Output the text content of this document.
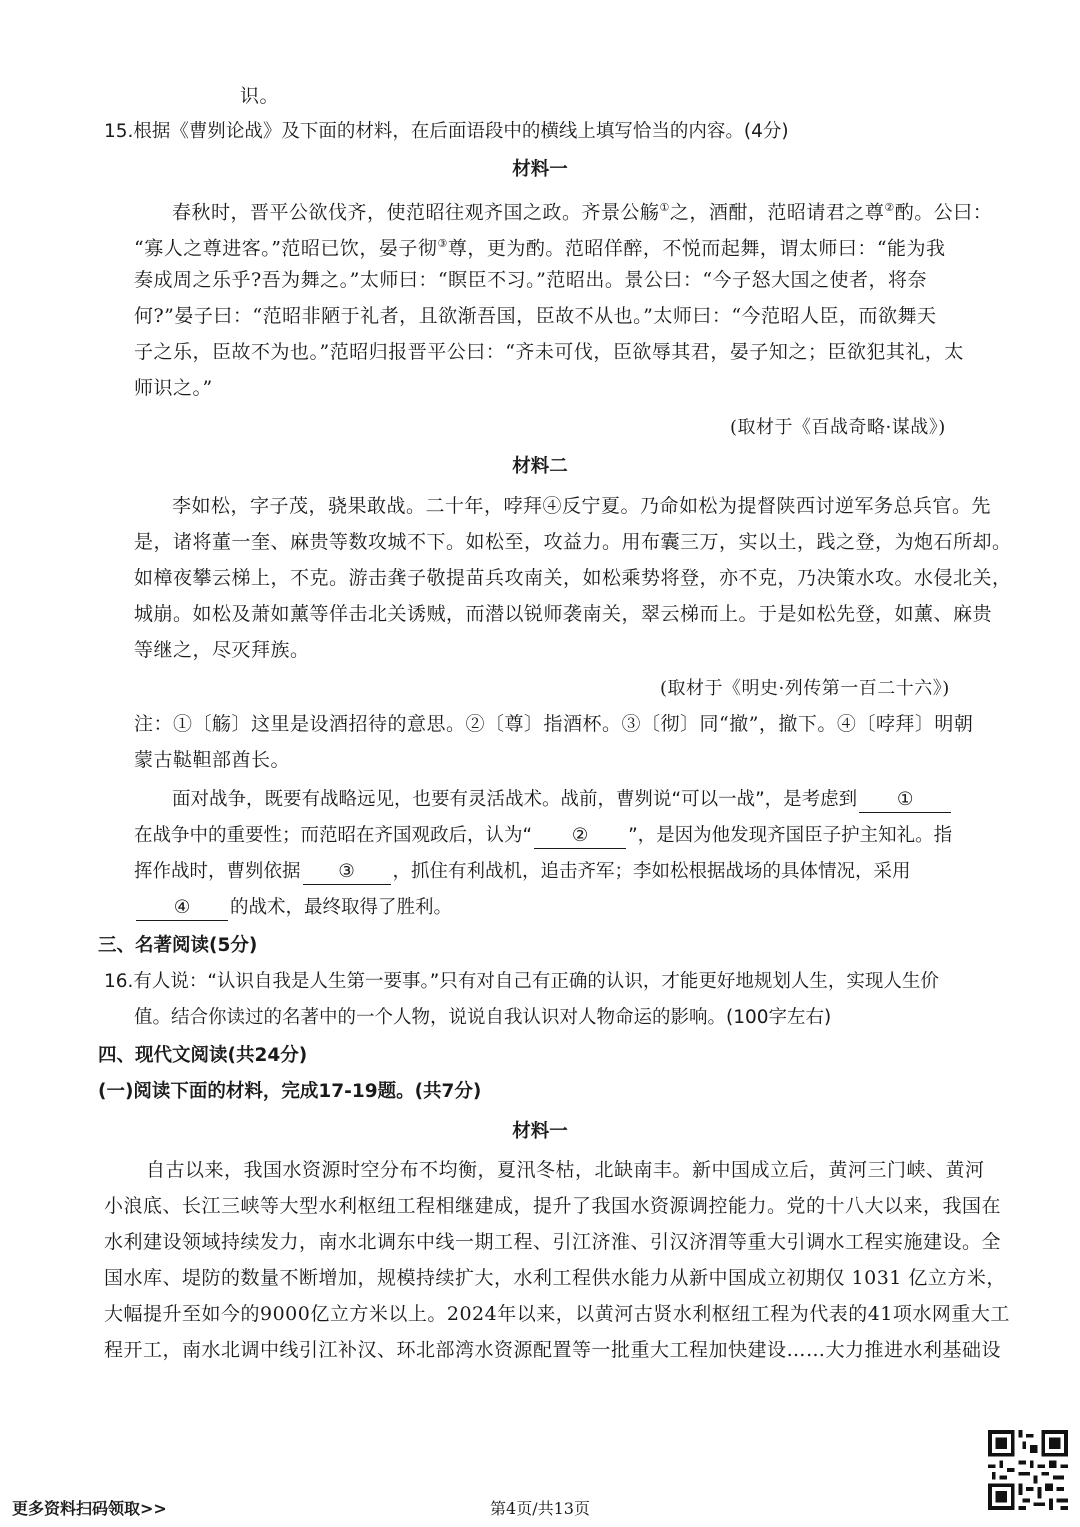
识。
15.根据《曹刿论战》及下面的材料，在后面语段中的横线上填写恰当的内容。(4分)
材料一
春秋时，晋平公欲伐齐，使范昭往观齐国之政。齐景公觞①之，酒酣，范昭请君之尊②酌。公曰：
“寡人之尊进客。”范昭已饮，晏子彻③尊，更为酌。范昭佯醉，不悦而起舞，谓太师曰：“能为我
奏成周之乐乎?吾为舞之。”太师曰：“瞑臣不习。”范昭出。景公曰：“今子怒大国之使者，将奈
何?”晏子曰：“范昭非陋于礼者，且欲渐吾国，臣故不从也。”太师曰：“今范昭人臣，而欲舞天
子之乐，臣故不为也。”范昭归报晋平公曰：“齐未可伐，臣欲辱其君，晏子知之；臣欲犯其礼，太
师识之。”
(取材于《百战奇略·谋战》)
材料二
李如松，字子茂，骁果敢战。二十年，哱拜④反宁夏。乃命如松为提督陕西讨逆军务总兵官。先
是，诸将董一奎、麻贵等数攻城不下。如松至，攻益力。用布囊三万，实以土，践之登，为炮石所却。
如樟夜攀云梯上，不克。游击龚子敬提苗兵攻南关，如松乘势将登，亦不克，乃决策水攻。水侵北关，
城崩。如松及萧如薰等佯击北关诱贼，而潜以锐师袭南关，翠云梯而上。于是如松先登，如薰、麻贵
等继之，尽灭拜族。
(取材于《明史·列传第一百二十六》)
注：①〔觞〕这里是设酒招待的意思。②〔尊〕指酒杯。③〔彻〕同“撤”，撤下。④〔哱拜〕明朝
蒙古鞑靼部酋长。
面对战争，既要有战略远见，也要有灵活战术。战前，曹刿说“可以一战”，是考虑到 ①
在战争中的重要性；而范昭在齐国观政后，认为“ ② ”，是因为他发现齐国臣子护主知礼。指
挥作战时，曹刿依据 ③ ，抓住有利战机，追击齐军；李如松根据战场的具体情况，采用
④ 的战术，最终取得了胜利。
三、名著阅读(5分)
16.有人说：“认识自我是人生第一要事。”只有对自己有正确的认识，才能更好地规划人生，实现人生价
值。结合你读过的名著中的一个人物，说说自我认识对人物命运的影响。(100字左右)
四、现代文阅读(共24分)
(一)阅读下面的材料，完成17-19题。(共7分)
材料一
自古以来，我国水资源时空分布不均衡，夏汛冬枯，北缺南丰。新中国成立后，黄河三门峡、黄河
小浪底、长江三峡等大型水利枢纽工程相继建成，提升了我国水资源调控能力。党的十八大以来，我国在
水利建设领域持续发力，南水北调东中线一期工程、引江济淮、引汉济渭等重大引调水工程实施建设。全
国水库、堤防的数量不断增加，规模持续扩大，水利工程供水能力从新中国成立初期仅 1031 亿立方米，
大幅提升至如今的9000亿立方米以上。2024年以来，以黄河古贤水利枢纽工程为代表的41项水网重大工
程开工，南水北调中线引江补汉、环北部湾水资源配置等一批重大工程加快建设……大力推进水利基础设
更多资料扫码领取>>	第4页/共13页
